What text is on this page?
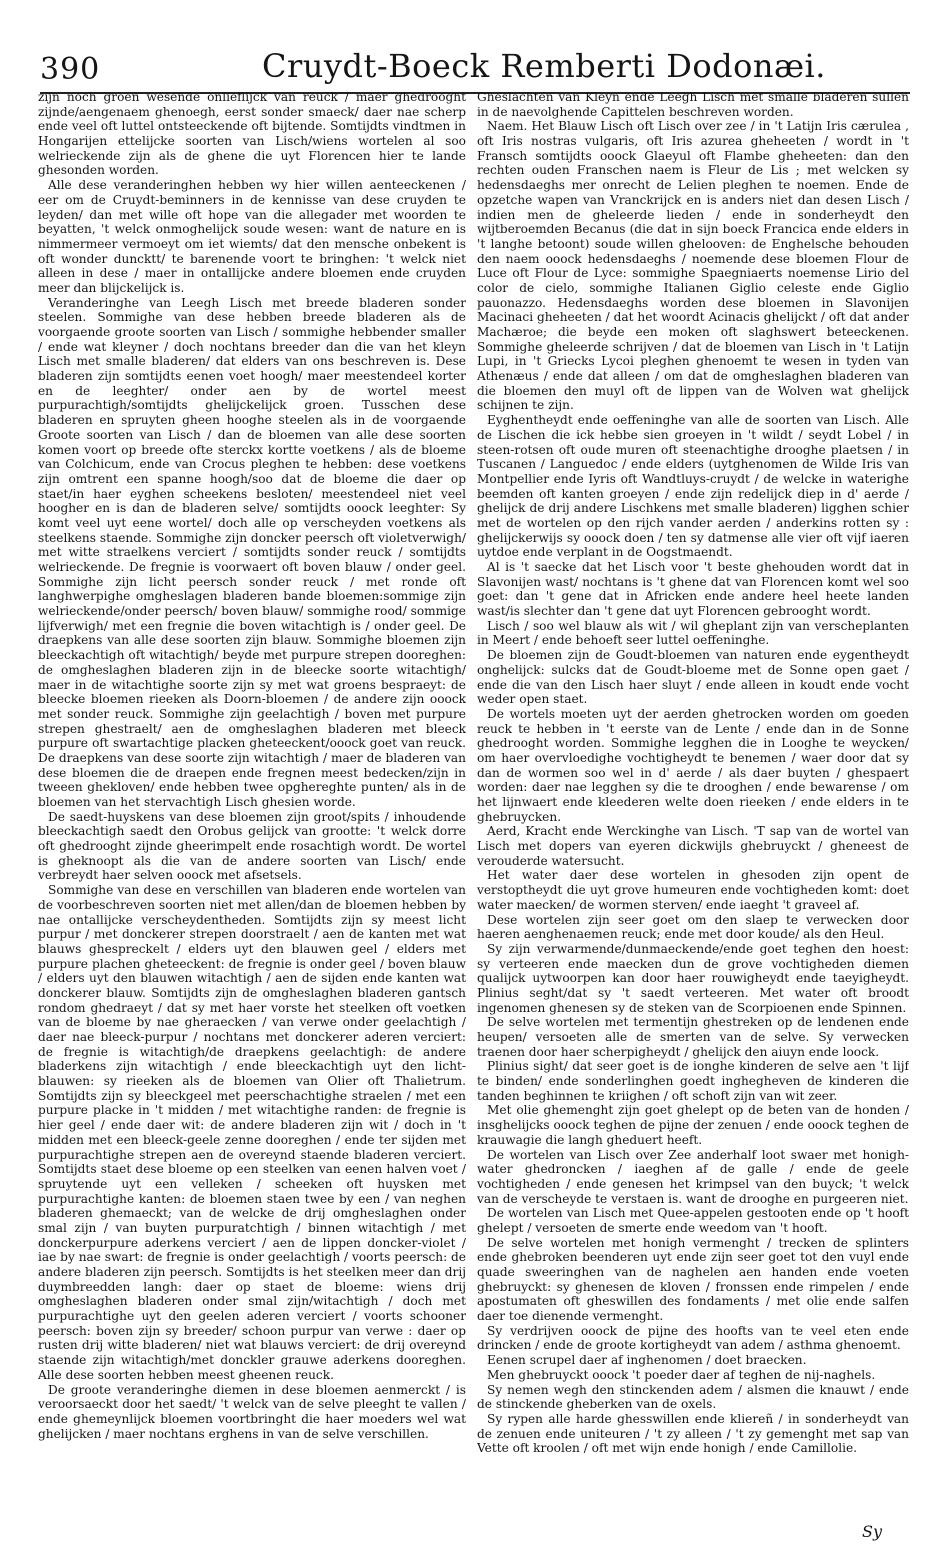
390	Cruydt-Boeck Remberti Dodonæi.

zijn noch groen wesende onlieflijck van reuck / maer ghedrooght zijnde/aengenaem ghenoegh, eerst sonder smaeck/ daer nae scherp ende veel oft luttel ontsteeckende oft bijtende. Somtijdts vindtmen in Hongarijen ettelijcke soorten van Lisch/wiens wortelen al soo welrieckende zijn als de ghene die uyt Florencen hier te lande ghesonden worden.

Alle dese veranderinghen hebben wy hier willen aenteeckenen / eer om de Cruydt-beminners in de kennisse van dese cruyden te leyden/ dan met wille oft hope van die allegader met woorden te beyatten, 't welck onmoghelijck soude wesen: want de nature en is nimmermeer vermoeyt om iet wiemts/ dat den mensche onbekent is oft wonder duncktt/ te barenende voort te bringhen: 't welck niet alleen in dese / maer in ontallijcke andere bloemen ende cruyden meer dan blijckelijck is.

Veranderinghe van Leegh Lisch met breede bladeren sonder steelen. Sommighe van dese hebben breede bladeren als de voorgaende groote soorten van Lisch / sommighe hebbender smaller / ende wat kleyner / doch nochtans breeder dan die van het kleyn Lisch met smalle bladeren/ dat elders van ons beschreven is. Dese bladeren zijn somtijdts eenen voet hoogh/ maer meestendeel korter en de leeghter/ onder aen by de wortel meest purpurachtigh/somtijdts ghelijckelijck groen. Tusschen dese bladeren en spruyten gheen hooghe steelen als in de voorgaende Groote soorten van Lisch / dan de bloemen van alle dese soorten komen voort op breede ofte sterckx kortte voetkens / als de bloeme van Colchicum, ende van Crocus pleghen te hebben: dese voetkens zijn omtrent een spanne hoogh/soo dat de bloeme die daer op staet/in haer eyghen scheekens besloten/ meestendeel niet veel hoogher en is dan de bladeren selve/ somtijdts ooock leeghter: Sy komt veel uyt eene wortel/ doch alle op verscheyden voetkens als steelkens staende. Sommighe zijn doncker peersch oft violetverwigh/ met witte straelkens verciert / somtijdts sonder reuck / somtijdts welrieckende. De fregnie is voorwaert oft boven blauw / onder geel. Sommighe zijn licht peersch sonder reuck / met ronde oft langhwerpighe omgheslagen bladeren bande bloemen:sommige zijn welrieckende/onder peersch/ boven blauw/ sommighe rood/ sommige lijfverwigh/ met een fregnie die boven witachtigh is / onder geel. De draepkens van alle dese soorten zijn blauw. Sommighe bloemen zijn bleeckachtigh oft witachtigh/ beyde met purpure strepen dooreghen: de omgheslaghen bladeren zijn in de bleecke soorte witachtigh/ maer in de witachtighe soorte zijn sy met wat groens bespraeyt: de bleecke bloemen rieeken als Doorn-bloemen / de andere zijn ooock met sonder reuck. Sommighe zijn geelachtigh / boven met purpure strepen ghestraelt/ aen de omgheslaghen bladeren met bleeck purpure oft swartachtige placken gheteeckent/ooock goet van reuck. De draepkens van dese soorte zijn witachtigh / maer de bladeren van dese bloemen die de draepen ende fregnen meest bedecken/zijn in tweeen ghekloven/ ende hebben twee opghereghte punten/ als in de bloemen van het stervachtigh Lisch ghesien worde.

De saedt-huyskens van dese bloemen zijn groot/spits / inhoudende bleeckachtigh saedt den Orobus gelijck van grootte: 't welck dorre oft ghedrooght zijnde gheerimpelt ende rosachtigh wordt. De wortel is gheknoopt als die van de andere soorten van Lisch/ ende verbreydt haer selven ooock met afsetsels.

Sommighe van dese en verschillen van bladeren ende wortelen van de voorbeschreven soorten niet met allen/dan de bloemen hebben by nae ontallijcke verscheydentheden. Somtijdts zijn sy meest licht purpur / met donckerer strepen doorstraelt / aen de kanten met wat blauws ghespreckelt / elders uyt den blauwen geel / elders met purpure plachen gheteeckent: de fregnie is onder geel / boven blauw / elders uyt den blauwen witachtigh / aen de sijden ende kanten wat donckerer blauw. Somtijdts zijn de omgheslaghen bladeren gantsch rondom ghedraeyt / dat sy met haer vorste het steelken oft voetken van de bloeme by nae gheraecken / van verwe onder geelachtigh / daer nae bleeck-purpur / nochtans met donckerer aderen verciert: de fregnie is witachtigh/de draepkens geelachtigh: de andere bladerkens zijn witachtigh / ende bleeckachtigh uyt den licht-blauwen: sy rieeken als de bloemen van Olier oft Thalietrum. Somtijdts zijn sy bleeckgeel met peerschachtighe straelen / met een purpure placke in 't midden / met witachtighe randen: de fregnie is hier geel / ende daer wit: de andere bladeren zijn wit / doch in 't midden met een bleeck-geele zenne dooreghen / ende ter sijden met purpurachtighe strepen aen de overeynd staende bladeren verciert. Somtijdts staet dese bloeme op een steelken van eenen halven voet / spruytende uyt een velleken / scheeken oft huysken met purpurachtighe kanten: de bloemen staen twee by een / van neghen bladeren ghemaeckt; van de welcke de drij omgheslaghen onder smal zijn / van buyten purpuratchtigh / binnen witachtigh / met donckerpurpure aderkens verciert / aen de lippen doncker-violet / iae by nae swart: de fregnie is onder geelachtigh / voorts peersch: de andere bladeren zijn peersch. Somtijdts is het steelken meer dan drij duymbreedden langh: daer op staet de bloeme: wiens drij omgheslaghen bladeren onder smal zijn/witachtigh / doch met purpurachtighe uyt den geelen aderen verciert / voorts schooner peersch: boven zijn sy breeder/ schoon purpur van verwe : daer op rusten drij witte bladeren/ niet wat blauws verciert: de drij overeynd staende zijn witachtigh/met donckler grauwe aderkens dooreghen. Alle dese soorten hebben meest gheenen reuck.

De groote veranderinghe diemen in dese bloemen aenmerckt / is veroorsaeckt door het saedt/ 't welck van de selve pleeght te vallen / ende ghemeynlijck bloemen voortbringht die haer moeders wel wat ghelijcken / maer nochtans erghens in van de selve verschillen.

Gheslachten van Kleyn ende Leegh Lisch met smalle bladeren sullen in de naevolghende Capittelen beschreven worden.

Naem. Het Blauw Lisch oft Lisch over zee / in 't Latijn Iris cærulea , oft Iris nostras vulgaris, oft Iris azurea gheheeten / wordt in 't Fransch somtijdts ooock Glaeyul oft Flambe gheheeten: dan den rechten ouden Franschen naem is Fleur de Lis ; met welcken sy hedensdaeghs mer onrecht de Lelien pleghen te noemen. Ende de opzetche wapen van Vranckrijck en is anders niet dan desen Lisch / indien men de gheleerde lieden / ende in sonderheydt den wijtberoemden Becanus (die dat in sijn boeck Francica ende elders in 't langhe betoont) soude willen ghelooven: de Enghelsche behouden den naem ooock hedensdaeghs / noemende dese bloemen Flour de Luce oft Flour de Lyce: sommighe Spaegniaerts noemense Lirio del color de cielo, sommighe Italianen Giglio celeste ende Giglio pauonazzo. Hedensdaeghs worden dese bloemen in Slavonijen Macinaci gheheeten / dat het woordt Acinacis ghelijckt / oft dat ander Machæroe; die beyde een moken oft slaghswert beteeckenen. Sommighe gheleerde schrijven / dat de bloemen van Lisch in 't Latijn Lupi, in 't Griecks Lycoi pleghen ghenoemt te wesen in tyden van Athenæus / ende dat alleen / om dat de omgheslaghen bladeren van die bloemen den muyl oft de lippen van de Wolven wat ghelijck schijnen te zijn.

Eyghentheydt ende oeffeninghe van alle de soorten van Lisch. Alle de Lischen die ick hebbe sien groeyen in 't wildt / seydt Lobel / in steen-rotsen oft oude muren oft steenachtighe drooghe plaetsen / in Tuscanen / Languedoc / ende elders (uytghenomen de Wilde Iris van Montpellier ende Iyris oft Wandtluys-cruydt / de welcke in waterighe beemden oft kanten groeyen / ende zijn redelijck diep in d' aerde / ghelijck de drij andere Lischkens met smalle bladeren) ligghen schier met de wortelen op den rijch vander aerden / anderkins rotten sy : ghelijckerwijs sy ooock doen / ten sy datmense alle vier oft vijf iaeren uytdoe ende verplant in de Oogstmaendt.

Al is 't saecke dat het Lisch voor 't beste ghehouden wordt dat in Slavonijen wast/ nochtans is 't ghene dat van Florencen komt wel soo goet: dan 't gene dat in Africken ende andere heel heete landen wast/is slechter dan 't gene dat uyt Florencen gebrooght wordt.

Lisch / soo wel blauw als wit / wil gheplant zijn van verscheplanten in Meert / ende behoeft seer luttel oeffeninghe.

De bloemen zijn de Goudt-bloemen van naturen ende eygentheydt onghelijck: sulcks dat de Goudt-bloeme met de Sonne open gaet / ende die van den Lisch haer sluyt / ende alleen in koudt ende vocht weder open staet.

De wortels moeten uyt der aerden ghetrocken worden om goeden reuck te hebben in 't eerste van de Lente / ende dan in de Sonne ghedrooght worden. Sommighe legghen die in Looghe te weycken/ om haer overvloedighe vochtigheydt te benemen / waer door dat sy dan de wormen soo wel in d' aerde / als daer buyten / ghespaert worden: daer nae legghen sy die te drooghen / ende bewarense / om het lijnwaert ende kleederen welte doen rieeken / ende elders in te ghebruycken.

Aerd, Kracht ende Werckinghe van Lisch. 'T sap van de wortel van Lisch met dopers van eyeren dickwijls ghebruyckt / gheneest de verouderde watersucht.

Het water daer dese wortelen in ghesoden zijn opent de verstoptheydt die uyt grove humeuren ende vochtigheden komt: doet water maecken/ de wormen sterven/ ende iaeght 't graveel af.

Dese wortelen zijn seer goet om den slaep te verwecken door haeren aenghenaemen reuck; ende met door koude/ als den Heul.

Sy zijn verwarmende/dunmaeckende/ende goet teghen den hoest: sy verteeren ende maecken dun de grove vochtigheden diemen qualijck uytwoorpen kan door haer rouwigheydt ende taeyigheydt. Plinius seght/dat sy 't saedt verteeren. Met water oft broodt ingenomen ghenesen sy de steken van de Scorpioenen ende Spinnen.

De selve wortelen met termentijn ghestreken op de lendenen ende heupen/ versoeten alle de smerten van de selve. Sy verwecken traenen door haer scherpigheydt / ghelijck den aiuyn ende loock.

Plinius sight/ dat seer goet is de ionghe kinderen de selve aen 't lijf te binden/ ende sonderlinghen goedt inghegheven de kinderen die tanden beghinnen te kriighen / oft schoft zijn van wit zeer.

Met olie ghemenght zijn goet ghelept op de beten van de honden / insghelijcks ooock teghen de pijne der zenuen / ende ooock teghen de krauwagie die langh gheduert heeft.

De wortelen van Lisch over Zee anderhalf loot swaer met honigh-water ghedroncken / iaeghen af de galle / ende de geele vochtigheden / ende genesen het krimpsel van den buyck; 't welck van de verscheyde te verstaen is. want de drooghe en purgeeren niet.

De wortelen van Lisch met Quee-appelen gestooten ende op 't hooft ghelept / versoeten de smerte ende weedom van 't hooft.

De selve wortelen met honigh vermenght / trecken de splinters ende ghebroken beenderen uyt ende zijn seer goet tot den vuyl ende quade sweeringhen van de naghelen aen handen ende voeten ghebruyckt: sy ghenesen de kloven / fronssen ende rimpelen / ende apostumaten oft gheswillen des fondaments / met olie ende salfen daer toe dienende vermenght.

Sy verdrijven ooock de pijne des hoofts van te veel eten ende drincken / ende de groote kortigheydt van adem / asthma ghenoemt.

Eenen scrupel daer af inghenomen / doet braecken.

Men ghebruyckt ooock 't poeder daer af teghen de nij-naghels.

Sy nemen wegh den stinckenden adem / alsmen die knauwt / ende de stinckende gheberken van de oxels.

Sy rypen alle harde ghesswillen ende kliereñ / in sonderheydt van de zenuen ende uniteuren / 't zy alleen / 't zy gemenght met sap van Vette oft kroolen / oft met wijn ende honigh / ende Camillolie.

Sy
